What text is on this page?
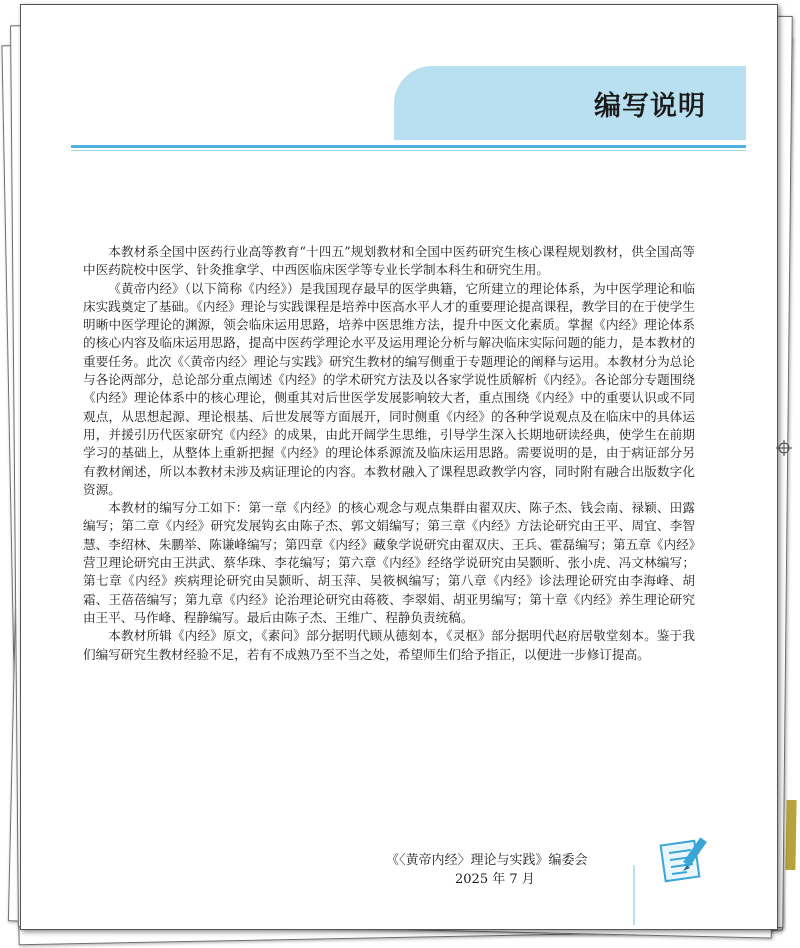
编写说明

本教材系全国中医药行业高等教育“十四五”规划教材和全国中医药研究生核心课程规划教材，供全国高等中医药院校中医学、针灸推拿学、中西医临床医学等专业长学制本科生和研究生用。

《黄帝内经》（以下简称《内经》）是我国现存最早的医学典籍，它所建立的理论体系，为中医学理论和临床实践奠定了基础。《内经》理论与实践课程是培养中医高水平人才的重要理论提高课程，教学目的在于使学生明晰中医学理论的渊源，领会临床运用思路，培养中医思维方法，提升中医文化素质。掌握《内经》理论体系的核心内容及临床运用思路，提高中医药学理论水平及运用理论分析与解决临床实际问题的能力，是本教材的重要任务。此次《〈黄帝内经〉理论与实践》研究生教材的编写侧重于专题理论的阐释与运用。本教材分为总论与各论两部分，总论部分重点阐述《内经》的学术研究方法及以各家学说性质解析《内经》。各论部分专题围绕《内经》理论体系中的核心理论，侧重其对后世医学发展影响较大者，重点围绕《内经》中的重要认识或不同观点，从思想起源、理论根基、后世发展等方面展开，同时侧重《内经》的各种学说观点及在临床中的具体运用，并援引历代医家研究《内经》的成果，由此开阔学生思维，引导学生深入长期地研读经典，使学生在前期学习的基础上，从整体上重新把握《内经》的理论体系源流及临床运用思路。需要说明的是，由于病证部分另有教材阐述，所以本教材未涉及病证理论的内容。本教材融入了课程思政教学内容，同时附有融合出版数字化资源。

本教材的编写分工如下：第一章《内经》的核心观念与观点集群由翟双庆、陈子杰、钱会南、禄颖、田露编写；第二章《内经》研究发展钩玄由陈子杰、郭文娟编写；第三章《内经》方法论研究由王平、周宜、李智慧、李绍林、朱鹏举、陈谦峰编写；第四章《内经》藏象学说研究由翟双庆、王兵、霍磊编写；第五章《内经》营卫理论研究由王洪武、蔡华珠、李花编写；第六章《内经》经络学说研究由吴颢昕、张小虎、冯文林编写；第七章《内经》疾病理论研究由吴颢昕、胡玉萍、吴筱枫编写；第八章《内经》诊法理论研究由李海峰、胡霜、王蓓蓓编写；第九章《内经》论治理论研究由蒋筱、李翠娟、胡亚男编写；第十章《内经》养生理论研究由王平、马作峰、程静编写。最后由陈子杰、王维广、程静负责统稿。

本教材所辑《内经》原文，《素问》部分据明代顾从德刻本，《灵枢》部分据明代赵府居敬堂刻本。鉴于我们编写研究生教材经验不足，若有不成熟乃至不当之处，希望师生们给予指正，以便进一步修订提高。

《〈黄帝内经〉理论与实践》编委会
2025 年 7 月
